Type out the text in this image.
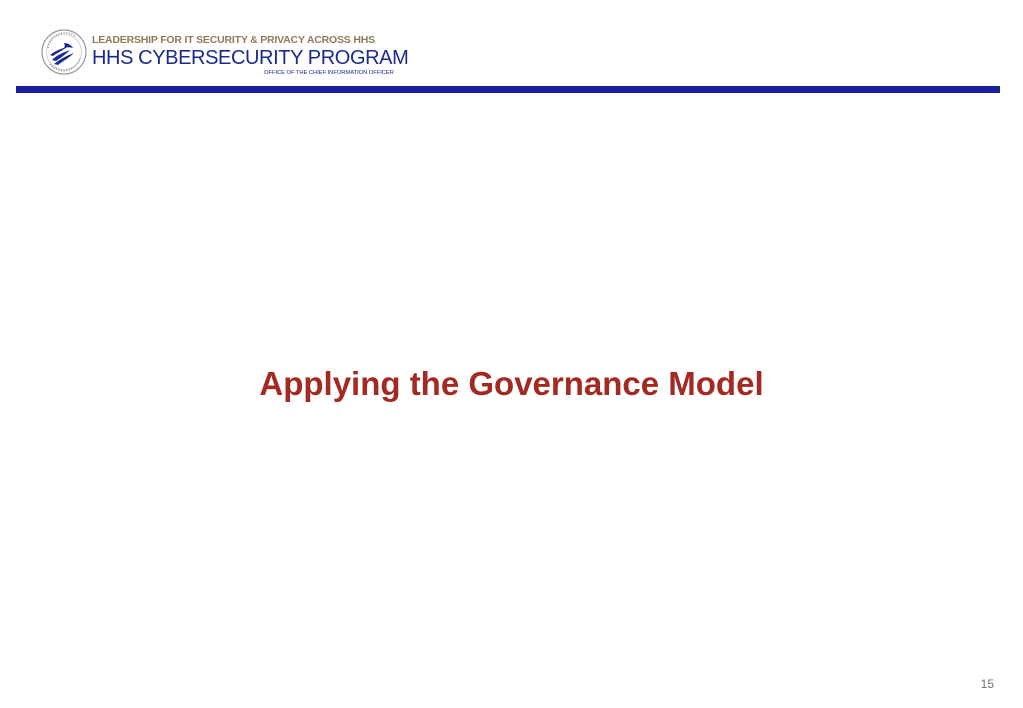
LEADERSHIP FOR IT SECURITY & PRIVACY ACROSS HHS
HHS CYBERSECURITY PROGRAM
OFFICE OF THE CHIEF INFORMATION OFFICER
Applying the Governance Model
15
